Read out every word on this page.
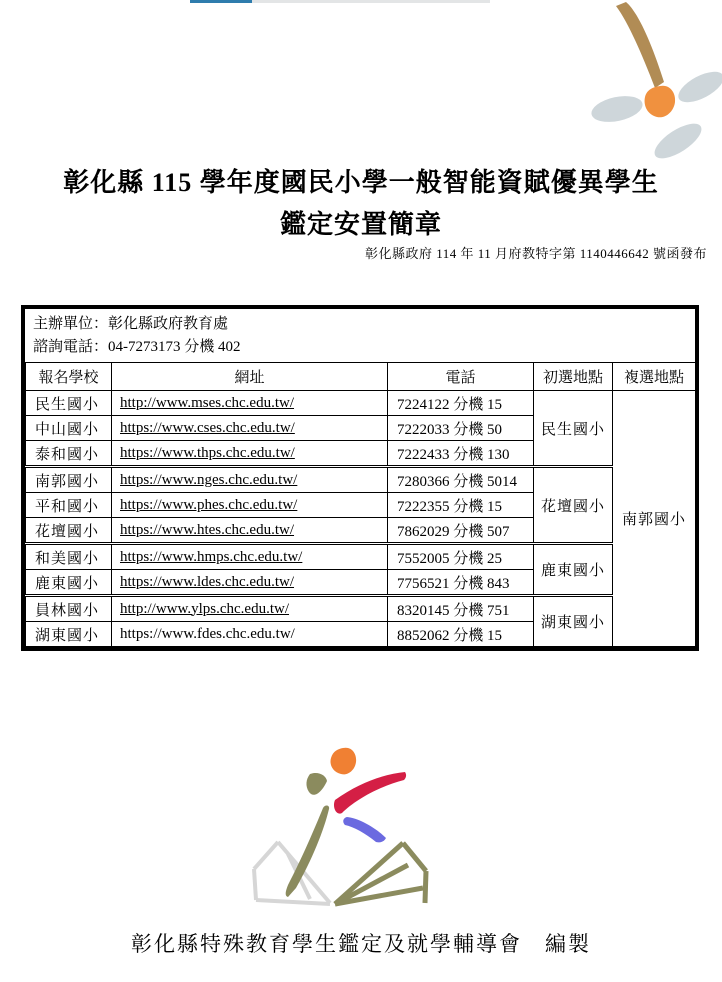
彰化縣 115 學年度國民小學一般智能資賦優異學生
鑑定安置簡章
彰化縣政府 114 年 11 月府教特字第 1140446642 號函發布
主辦單位：彰化縣政府教育處
諮詢電話：04-7273173 分機 402
報名學校	網址	電話	初選地點	複選地點
民生國小	http://www.mses.chc.edu.tw/	7224122 分機 15	民生國小	南郭國小
中山國小	https://www.cses.chc.edu.tw/	7222033 分機 50		
泰和國小	https://www.thps.chc.edu.tw/	7222433 分機 130		
南郭國小	https://www.nges.chc.edu.tw/	7280366 分機 5014	花壇國小	
平和國小	https://www.phes.chc.edu.tw/	7222355 分機 15		
花壇國小	https://www.htes.chc.edu.tw/	7862029 分機 507		
和美國小	https://www.hmps.chc.edu.tw/	7552005 分機 25	鹿東國小	
鹿東國小	https://www.ldes.chc.edu.tw/	7756521 分機 843		
員林國小	http://www.ylps.chc.edu.tw/	8320145 分機 751	湖東國小	
湖東國小	https://www.fdes.chc.edu.tw/	8852062 分機 15		
彰化縣特殊教育學生鑑定及就學輔導會　編製
